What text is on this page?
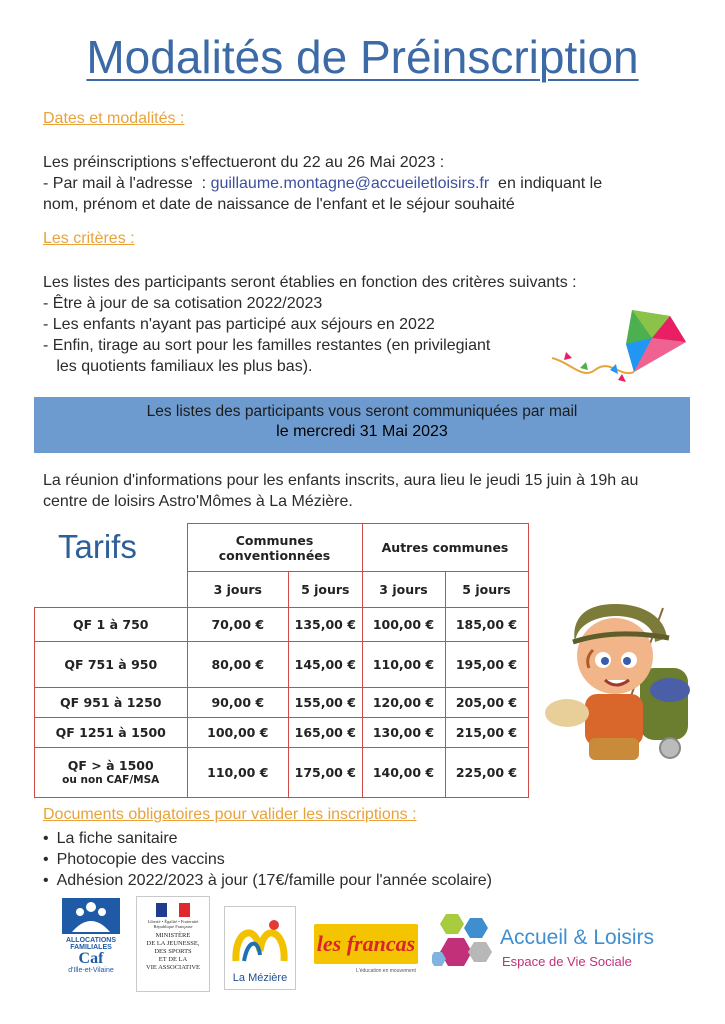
Modalités de Préinscription
Dates et modalités :
Les préinscriptions s'effectueront du 22 au 26 Mai 2023 :
- Par mail à l'adresse  : guillaume.montagne@accueiletloisirs.fr  en indiquant le
nom, prénom et date de naissance de l'enfant et le séjour souhaité
Les critères :
Les listes des participants seront établies en fonction des critères suivants :
- Être à jour de sa cotisation 2022/2023
- Les enfants n'ayant pas participé aux séjours en 2022
- Enfin, tirage au sort pour les familles restantes (en privilegiant
les quotients familiaux les plus bas).
Les listes des participants vous seront communiquées par mail
le mercredi 31 Mai 2023
La réunion d'informations pour les enfants inscrits, aura lieu le jeudi 15 juin à 19h au
centre de loisirs Astro'Mômes à La Mézière.

	Communes conventionnées		Autres communes	
	3 jours	5 jours	3 jours	5 jours
QF 1 à 750	70,00 €	135,00 €	100,00 €	185,00 €
QF 751 à 950	80,00 €	145,00 €	110,00 €	195,00 €
QF 951 à 1250	90,00 €	155,00 €	120,00 €	205,00 €
QF 1251 à 1500	100,00 €	165,00 €	130,00 €	215,00 €

QF > à 1500
ou non CAF/MSA	110,00 €	175,00 €	140,00 €	225,00 €
Tarifs
Documents obligatoires pour valider les inscriptions :
• La fiche sanitaire
• Photocopie des vaccins
• Adhésion 2022/2023 à jour (17€/famille pour l'année scolaire)
ALLOCATIONS
FAMILIALES
Caf
d'Ille-et-Vilaine
Liberté • Égalité • Fraternité
République Française
MINISTÈRE
DE LA JEUNESSE,
DES SPORTS
ET DE LA
VIE ASSOCIATIVE
La Mézière
les francas
L'éducation en mouvement
Accueil & Loisirs
Espace de Vie Sociale
